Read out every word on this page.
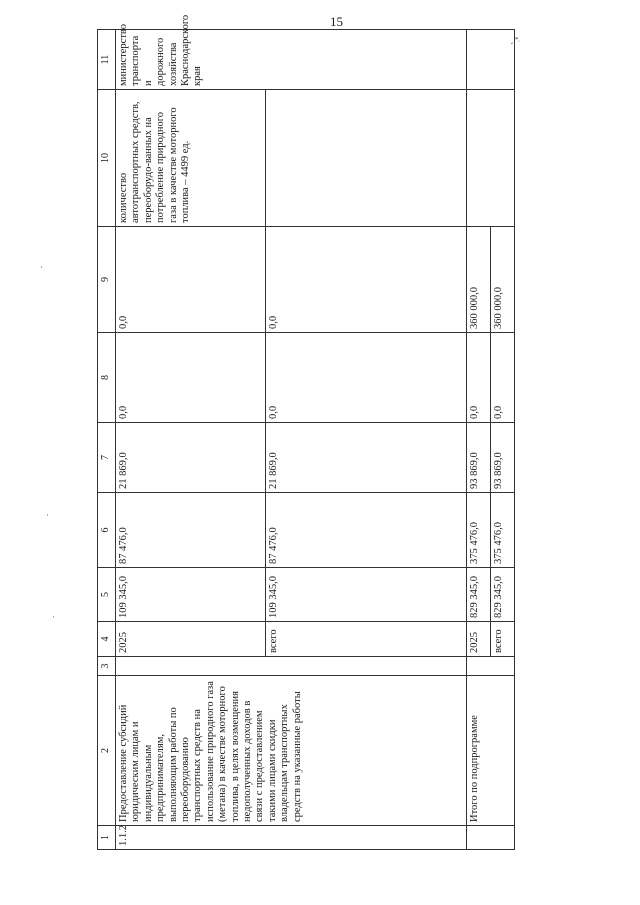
15
ᵃ͘ ˏ
1	2	3	4	5	6	7	8	9	10	11
1.1.2	Предоставление субсидий юридическим лицам и индивидуальным предпринимателям, выполняющим работы по переоборудованию транспортных средств на использование природного газа (метана) в качестве моторного топлива, в целях возмещения недополученных доходов в связи с предоставлением такими лицами скидки владельцам транспортных средств на указанные работы		2025	109 345,0	87 476,0	21 869,0	0,0	0,0	количество автотранспортных средств, переоборудо-ванных на потребление природного газа в качестве моторного топлива – 4499 ед.	министерство транспорта и дорожного хозяйства Краснодарского края
			всего	109 345,0	87 476,0	21 869,0	0,0	0,0		
	Итого по подпрограмме		2025	829 345,0	375 476,0	93 869,0	0,0	360 000,0		
			всего	829 345,0	375 476,0	93 869,0	0,0	360 000,0		
·
·
·
